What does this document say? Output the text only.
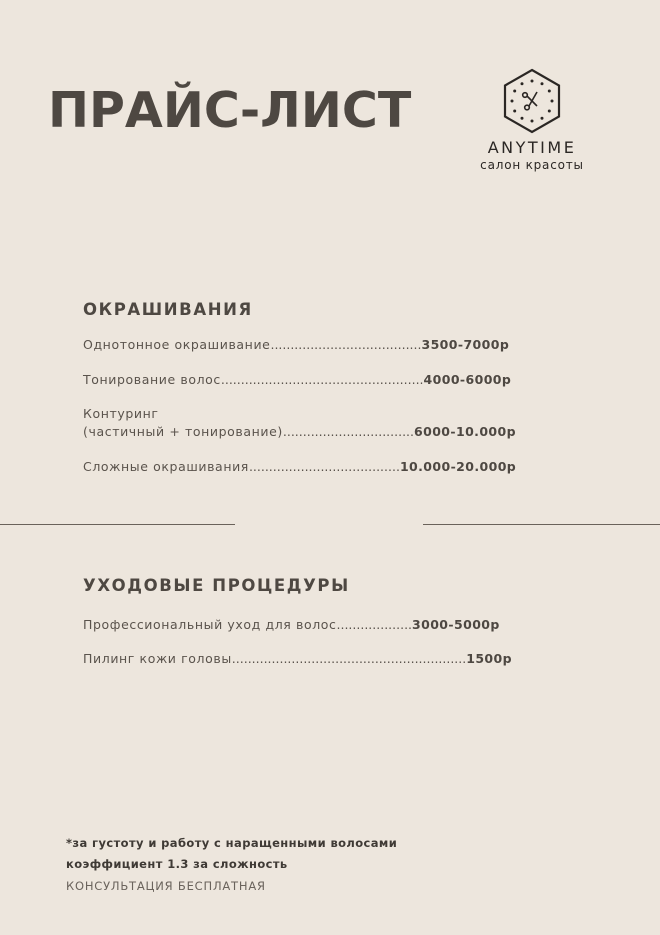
ПРАЙС-ЛИСТ
ANYTIME
салон красоты
ОКРАШИВАНИЯ
Однотонное окрашивание......................................3500-7000р
Тонирование волос...................................................4000-6000р
Контуринг
(частичный + тонирование).................................6000-10.000р
Сложные окрашивания......................................10.000-20.000р
УХОДОВЫЕ ПРОЦЕДУРЫ
Профессиональный уход для волос...................3000-5000р
Пилинг кожи головы...........................................................1500р
*за густоту и работу с наращенными волосами
коэффициент 1.3 за сложность
КОНСУЛЬТАЦИЯ БЕСПЛАТНАЯ
